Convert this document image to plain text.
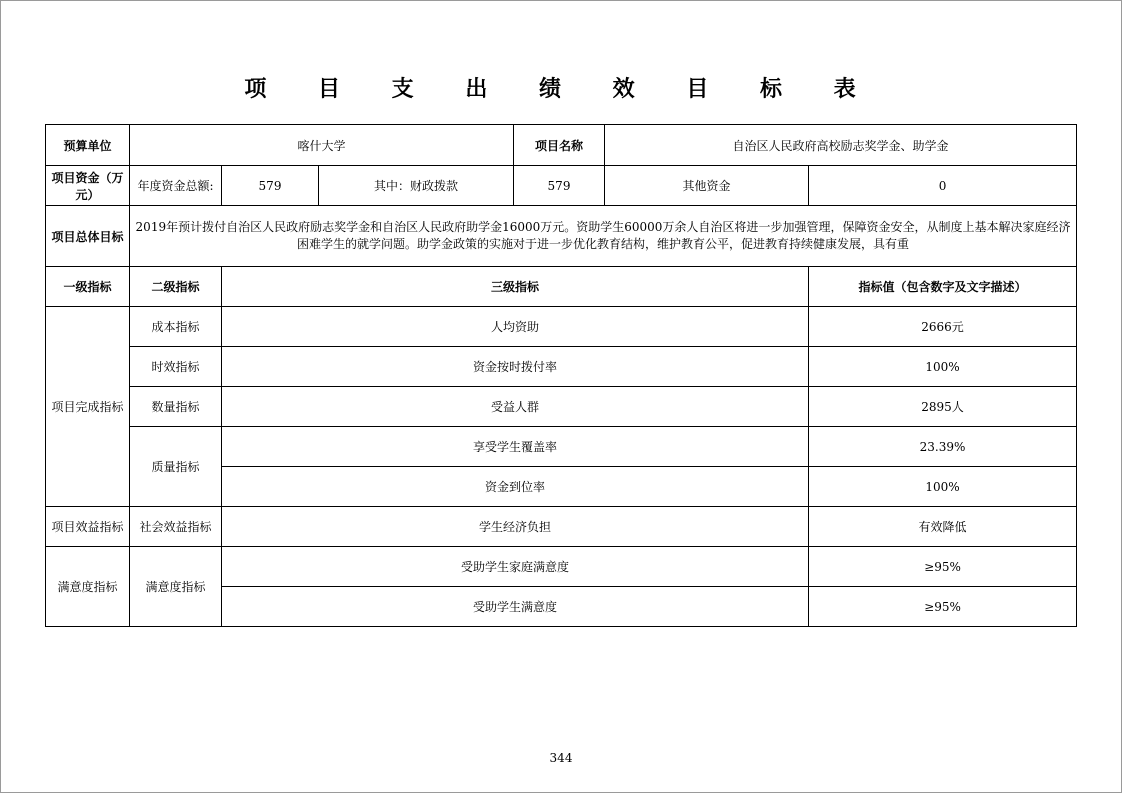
项 目 支 出 绩 效 目 标 表
预算单位	喀什大学			项目名称	自治区人民政府高校励志奖学金、助学金	
项目资金（万元）	年度资金总额:	579	其中：财政拨款	579	其他资金	0
项目总体目标	2019年预计拨付自治区人民政府励志奖学金和自治区人民政府助学金16000万元。资助学生60000万余人自治区将进一步加强管理，保障资金安全，从制度上基本解决家庭经济困难学生的就学问题。助学金政策的实施对于进一步优化教育结构，维护教育公平，促进教育持续健康发展，具有重					
一级指标	二级指标	三级指标				指标值（包含数字及文字描述）
项目完成指标	成本指标	人均资助				2666元
	时效指标	资金按时拨付率				100%
	数量指标	受益人群				2895人
	质量指标	享受学生覆盖率				23.39%
		资金到位率				100%
项目效益指标	社会效益指标	学生经济负担				有效降低
满意度指标	满意度指标	受助学生家庭满意度				≥95%
		受助学生满意度				≥95%
344
